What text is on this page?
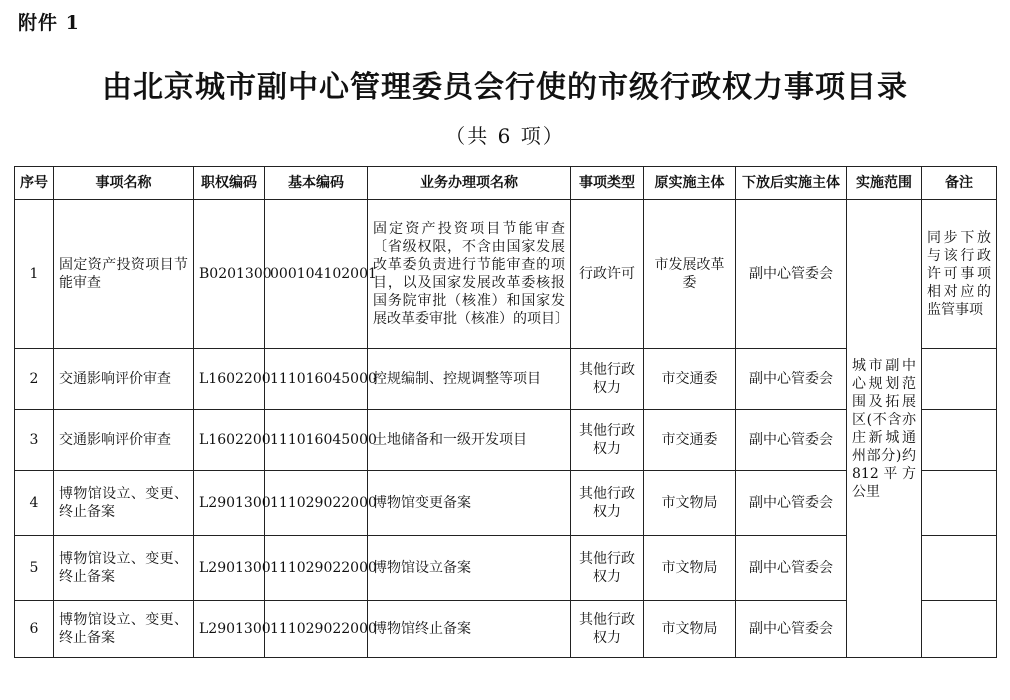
附件 1
由北京城市副中心管理委员会行使的市级行政权力事项目录
（共 6 项）
序号	事项名称	职权编码	基本编码	业务办理项名称	事项类型	原实施主体	下放后实施主体	实施范围	备注
1	固定资产投资项目节能审查	B0201300	000104102001	固定资产投资项目节能审查〔省级权限，不含由国家发展改革委负责进行节能审查的项目，以及国家发展改革委核报国务院审批（核准）和国家发展改革委审批（核准）的项目〕	行政许可	市发展改革委	副中心管委会	城市副中心规划范围及拓展区(不含亦庄新城通州部分)约812平方公里	同步下放与该行政许可事项相对应的监管事项
2	交通影响评价审查	L1602200	111016045000	控规编制、控规调整等项目	其他行政权力	市交通委	副中心管委会		
3	交通影响评价审查	L1602200	111016045000	土地储备和一级开发项目	其他行政权力	市交通委	副中心管委会		
4	博物馆设立、变更、终止备案	L2901300	111029022000	博物馆变更备案	其他行政权力	市文物局	副中心管委会		
5	博物馆设立、变更、终止备案	L2901300	111029022000	博物馆设立备案	其他行政权力	市文物局	副中心管委会		
6	博物馆设立、变更、终止备案	L2901300	111029022000	博物馆终止备案	其他行政权力	市文物局	副中心管委会		
